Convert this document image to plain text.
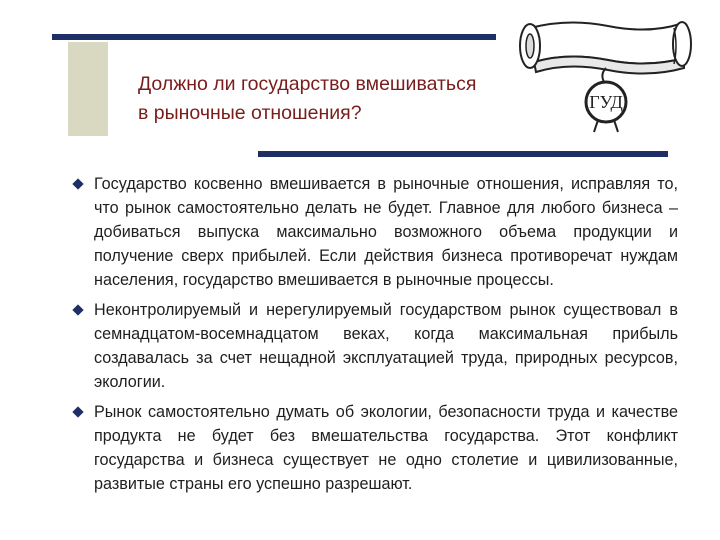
Должно ли государство вмешиваться
в рыночные отношения?	ГУД
Государство косвенно вмешивается в рыночные отношения, исправляя то, что рынок самостоятельно делать не будет. Главное для любого бизнеса – добиваться выпуска максимально возможного объема продукции и получение сверх прибылей. Если действия бизнеса противоречат нуждам населения, государство вмешивается в рыночные процессы.
Неконтролируемый и нерегулируемый государством рынок существовал в семнадцатом-восемнадцатом веках, когда максимальная прибыль создавалась за счет нещадной эксплуатацией труда, природных ресурсов, экологии.
Рынок самостоятельно думать об экологии, безопасности труда и качестве продукта не будет без вмешательства государства. Этот конфликт государства и бизнеса существует не одно столетие и цивилизованные, развитые страны его успешно разрешают.
